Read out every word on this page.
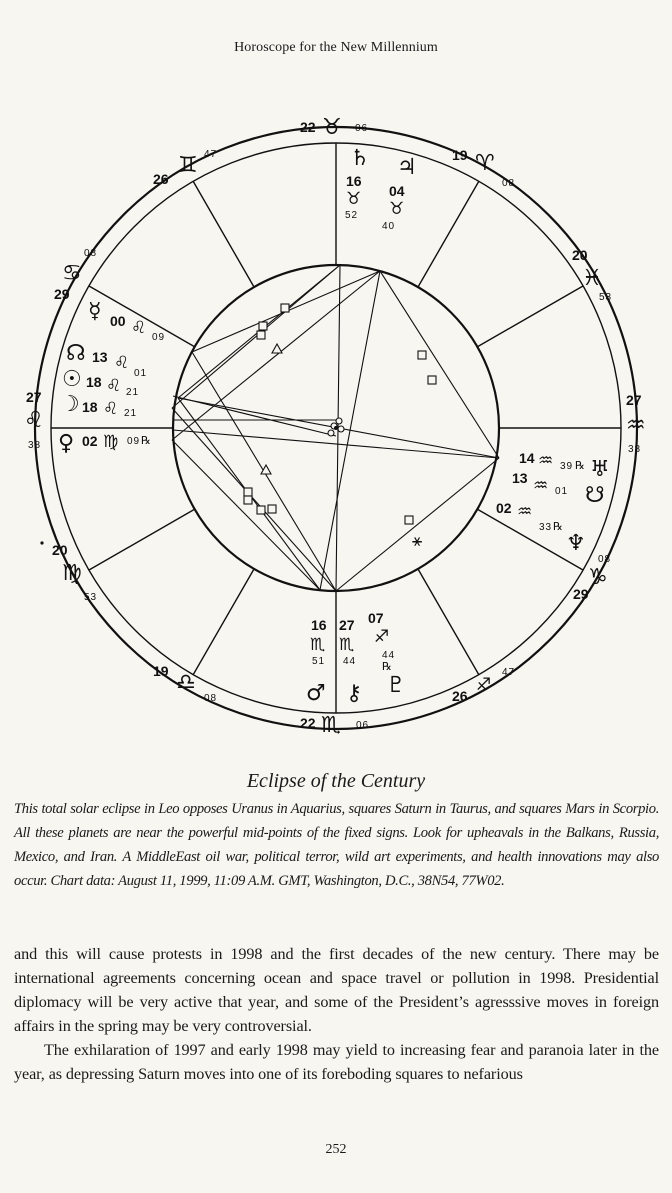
Horoscope for the New Millennium
⚹
22 ♉ 06
19 ♈
08
20
♓
53
27
♒
38
08
♑
29
47
♐
26
22 ♏ 06
19 ♎
08
20
♍
53
27
♌
38
08
♋
29
47
♊
26
♄
16
♉
52
♃
04
♉
40
☿ 00 ♌ 09
☊ 13 ♌
01
☉ 18 ♌ 21
☽ 18 ♌ 21
♀ 02 ♍ 09 ℞
14 ♒ 39 ℞ ♅
13 ♒ 01 ☋
02 ♒
33 ℞
♆
16
♏
51
♂
27
♏
44
⚷
07
♐
44
℞
♇
Eclipse of the Century
This total solar eclipse in Leo opposes Uranus in Aquarius, squares Saturn in Taurus, and squares Mars in Scorpio. All these planets are near the powerful mid-points of the fixed signs. Look for upheavals in the Balkans, Russia, Mexico, and Iran. A MiddleEast oil war, political terror, wild art experiments, and health innovations may also occur. Chart data: August 11, 1999, 11:09 A.M. GMT, Washington, D.C., 38N54, 77W02.

and this will cause protests in 1998 and the first decades of the new century. There may be international agreements concerning ocean and space travel or pollution in 1998. Presidential diplomacy will be very active that year, and some of the President’s agresssive moves in foreign affairs in the spring may be very controversial.

The exhilaration of 1997 and early 1998 may yield to increasing fear and paranoia later in the year, as depressing Saturn moves into one of its foreboding squares to nefarious

252
